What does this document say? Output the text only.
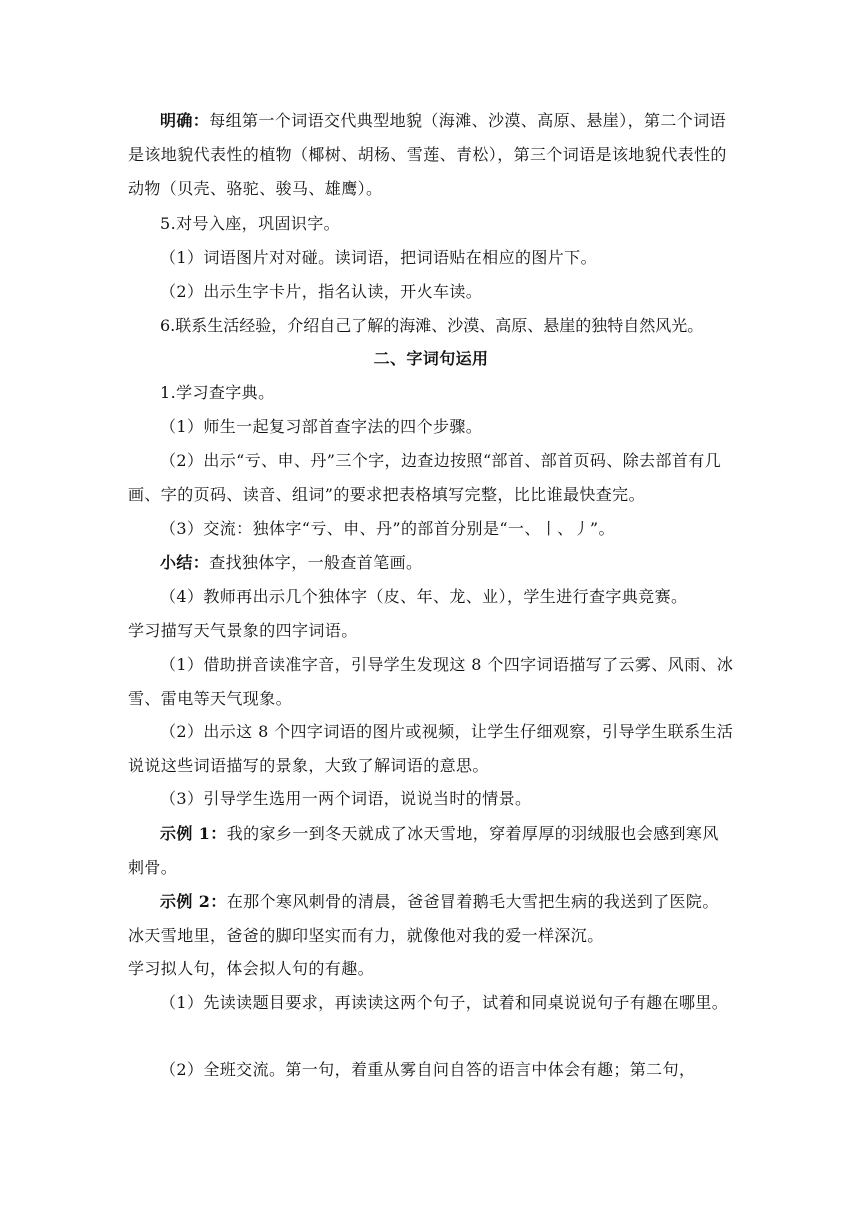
明确：每组第一个词语交代典型地貌（海滩、沙漠、高原、悬崖），第二个词语是该地貌代表性的植物（椰树、胡杨、雪莲、青松），第三个词语是该地貌代表性的动物（贝壳、骆驼、骏马、雄鹰）。

5.对号入座，巩固识字。

（1）词语图片对对碰。读词语，把词语贴在相应的图片下。

（2）出示生字卡片，指名认读，开火车读。

6.联系生活经验，介绍自己了解的海滩、沙漠、高原、悬崖的独特自然风光。

二、字词句运用

1.学习查字典。

（1）师生一起复习部首查字法的四个步骤。

（2）出示“亏、申、丹”三个字，边查边按照“部首、部首页码、除去部首有几画、字的页码、读音、组词”的要求把表格填写完整，比比谁最快查完。

（3）交流：独体字“亏、申、丹”的部首分别是“一、丨、丿”。

小结：查找独体字，一般查首笔画。

（4）教师再出示几个独体字（皮、年、龙、业），学生进行查字典竞赛。

学习描写天气景象的四字词语。

（1）借助拼音读准字音，引导学生发现这 8 个四字词语描写了云雾、风雨、冰雪、雷电等天气现象。

（2）出示这 8 个四字词语的图片或视频，让学生仔细观察，引导学生联系生活说说这些词语描写的景象，大致了解词语的意思。

（3）引导学生选用一两个词语，说说当时的情景。

示例 1：我的家乡一到冬天就成了冰天雪地，穿着厚厚的羽绒服也会感到寒风刺骨。

示例 2：在那个寒风刺骨的清晨，爸爸冒着鹅毛大雪把生病的我送到了医院。冰天雪地里，爸爸的脚印坚实而有力，就像他对我的爱一样深沉。

学习拟人句，体会拟人句的有趣。

（1）先读读题目要求，再读读这两个句子，试着和同桌说说句子有趣在哪里。

（2）全班交流。第一句，着重从雾自问自答的语言中体会有趣；第二句，
